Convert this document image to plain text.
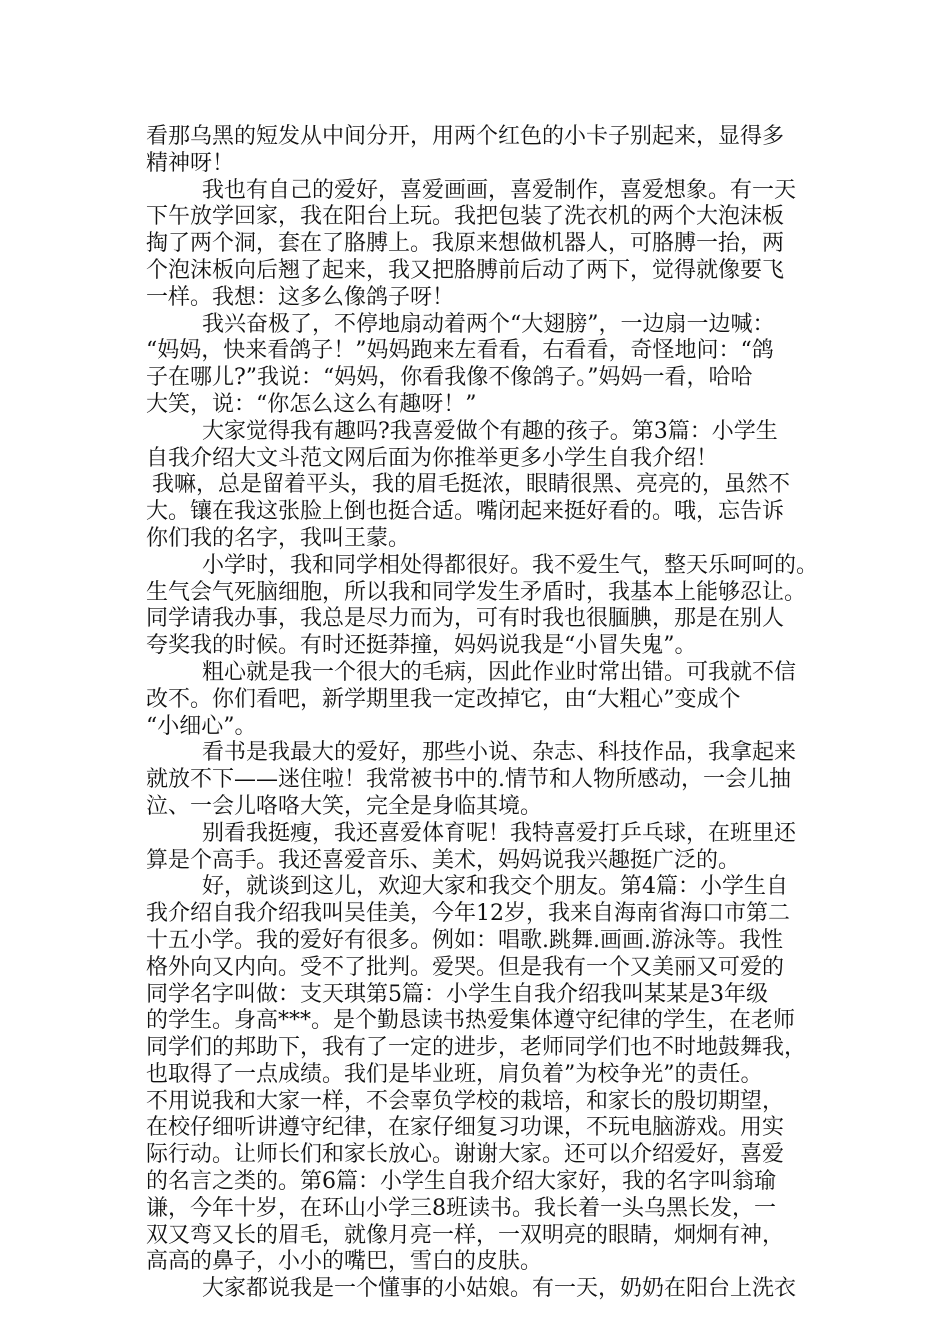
看那乌黑的短发从中间分开，用两个红色的小卡子别起来，显得多
精神呀！
我也有自己的爱好，喜爱画画，喜爱制作，喜爱想象。有一天
下午放学回家，我在阳台上玩。我把包装了洗衣机的两个大泡沫板
掏了两个洞，套在了胳膊上。我原来想做机器人，可胳膊一抬，两
个泡沫板向后翘了起来，我又把胳膊前后动了两下，觉得就像要飞
一样。我想：这多么像鸽子呀！
我兴奋极了，不停地扇动着两个“大翅膀”，一边扇一边喊：
“妈妈，快来看鸽子！”妈妈跑来左看看，右看看，奇怪地问：“鸽
子在哪儿?”我说：“妈妈，你看我像不像鸽子。”妈妈一看，哈哈
大笑，说：“你怎么这么有趣呀！”
大家觉得我有趣吗?我喜爱做个有趣的孩子。第3篇：小学生
自我介绍大文斗范文网后面为你推举更多小学生自我介绍！
我嘛，总是留着平头，我的眉毛挺浓，眼睛很黑、亮亮的，虽然不
大。镶在我这张脸上倒也挺合适。嘴闭起来挺好看的。哦，忘告诉
你们我的名字，我叫王蒙。
小学时，我和同学相处得都很好。我不爱生气，整天乐呵呵的。
生气会气死脑细胞，所以我和同学发生矛盾时，我基本上能够忍让。
同学请我办事，我总是尽力而为，可有时我也很腼腆，那是在别人
夸奖我的时候。有时还挺莽撞，妈妈说我是“小冒失鬼”。
粗心就是我一个很大的毛病，因此作业时常出错。可我就不信
改不。你们看吧，新学期里我一定改掉它，由“大粗心”变成个
“小细心”。
看书是我最大的爱好，那些小说、杂志、科技作品，我拿起来
就放不下——迷住啦！我常被书中的.情节和人物所感动，一会儿抽
泣、一会儿咯咯大笑，完全是身临其境。
别看我挺瘦，我还喜爱体育呢！我特喜爱打乒乓球，在班里还
算是个高手。我还喜爱音乐、美术，妈妈说我兴趣挺广泛的。
好，就谈到这儿，欢迎大家和我交个朋友。第4篇：小学生自
我介绍自我介绍我叫吴佳美，今年12岁，我来自海南省海口市第二
十五小学。我的爱好有很多。例如：唱歌.跳舞.画画.游泳等。我性
格外向又内向。受不了批判。爱哭。但是我有一个又美丽又可爱的
同学名字叫做：支天琪第5篇：小学生自我介绍我叫某某是3年级
的学生。身高***。是个勤恳读书热爱集体遵守纪律的学生，在老师
同学们的邦助下，我有了一定的进步，老师同学们也不时地鼓舞我，
也取得了一点成绩。我们是毕业班，肩负着”为校争光”的责任。
不用说我和大家一样，不会辜负学校的栽培，和家长的殷切期望，
在校仔细听讲遵守纪律，在家仔细复习功课，不玩电脑游戏。用实
际行动。让师长们和家长放心。谢谢大家。还可以介绍爱好，喜爱
的名言之类的。第6篇：小学生自我介绍大家好，我的名字叫翁瑜
谦，今年十岁，在环山小学三8班读书。我长着一头乌黑长发，一
双又弯又长的眉毛，就像月亮一样，一双明亮的眼睛，炯炯有神，
高高的鼻子，小小的嘴巴，雪白的皮肤。
大家都说我是一个懂事的小姑娘。有一天，奶奶在阳台上洗衣
